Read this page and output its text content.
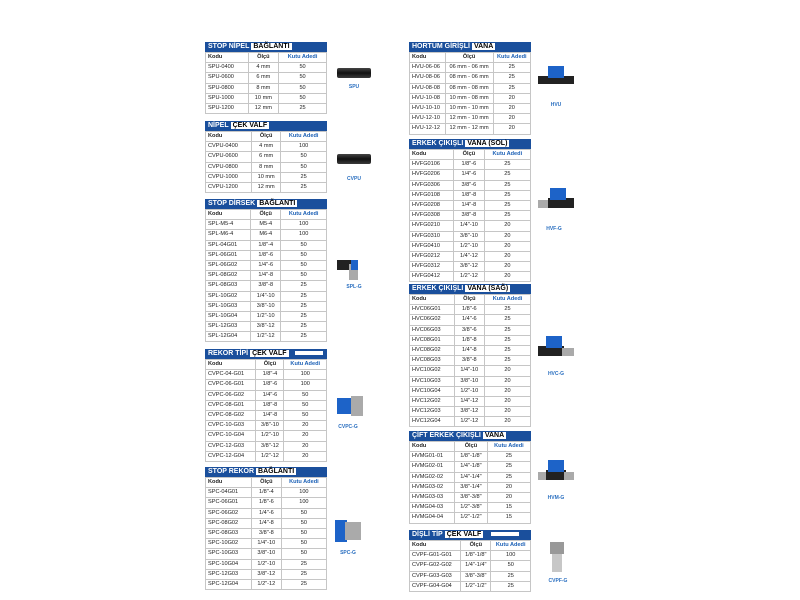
STOP NİPEL BAĞLANTI
Kodu	Ölçü	Kutu Adedi
SPU-0400	4 mm	50
SPU-0600	6 mm	50
SPU-0800	8 mm	50
SPU-1000	10 mm	50
SPU-1200	12 mm	25
SPU
NİPEL ÇEK VALF
Kodu	Ölçü	Kutu Adedi
CVPU-0400	4 mm	100
CVPU-0600	6 mm	50
CVPU-0800	8 mm	50
CVPU-1000	10 mm	25
CVPU-1200	12 mm	25
CVPU
STOP DİRSEK BAĞLANTI
Kodu	Ölçü	Kutu Adedi
SPL-M5-4	M5-4	100
SPL-M6-4	M6-4	100
SPL-04G01	1/8"-4	50
SPL-06G01	1/8"-6	50
SPL-06G02	1/4"-6	50
SPL-08G02	1/4"-8	50
SPL-08G03	3/8"-8	25
SPL-10G02	1/4"-10	25
SPL-10G03	3/8"-10	25
SPL-10G04	1/2"-10	25
SPL-12G03	3/8"-12	25
SPL-12G04	1/2"-12	25
SPL-G
REKOR TİPİ ÇEK VALF
Kodu	Ölçü	Kutu Adedi
CVPC-04-G01	1/8"-4	100
CVPC-06-G01	1/8"-6	100
CVPC-06-G02	1/4"-6	50
CVPC-08-G01	1/8"-8	50
CVPC-08-G02	1/4"-8	50
CVPC-10-G03	3/8"-10	20
CVPC-10-G04	1/2"-10	20
CVPC-12-G03	3/8"-12	20
CVPC-12-G04	1/2"-12	20
CVPC-G
STOP REKOR BAĞLANTI
Kodu	Ölçü	Kutu Adedi
SPC-04G01	1/8"-4	100
SPC-06G01	1/8"-6	100
SPC-06G02	1/4"-6	50
SPC-08G02	1/4"-8	50
SPC-08G03	3/8"-8	50
SPC-10G02	1/4"-10	50
SPC-10G03	3/8"-10	50
SPC-10G04	1/2"-10	25
SPC-12G03	3/8"-12	25
SPC-12G04	1/2"-12	25
SPC-G
HORTUM GİRİŞLİ VANA
Kodu	Ölçü	Kutu Adedi
HVU-06-06	06 mm - 06 mm	25
HVU-08-06	08 mm - 06 mm	25
HVU-08-08	08 mm - 08 mm	25
HVU-10-08	10 mm - 08 mm	20
HVU-10-10	10 mm - 10 mm	20
HVU-12-10	12 mm - 10 mm	20
HVU-12-12	12 mm - 12 mm	20
HVU
ERKEK ÇIKIŞLI VANA (SOL)
Kodu	Ölçü	Kutu Adedi
HVFG0106	1/8"-6	25
HVFG0206	1/4"-6	25
HVFG0306	3/8"-6	25
HVFG0108	1/8"-8	25
HVFG0208	1/4"-8	25
HVFG0308	3/8"-8	25
HVFG0210	1/4"-10	20
HVFG0310	3/8"-10	20
HVFG0410	1/2"-10	20
HVFG0212	1/4"-12	20
HVFG0312	3/8"-12	20
HVFG0412	1/2"-12	20
HVF-G
ERKEK ÇIKIŞLI VANA (SAĞ)
Kodu	Ölçü	Kutu Adedi
HVC06G01	1/8"-6	25
HVC06G02	1/4"-6	25
HVC06G03	3/8"-6	25
HVC08G01	1/8"-8	25
HVC08G02	1/4"-8	25
HVC08G03	3/8"-8	25
HVC10G02	1/4"-10	20
HVC10G03	3/8"-10	20
HVC10G04	1/2"-10	20
HVC12G02	1/4"-12	20
HVC12G03	3/8"-12	20
HVC12G04	1/2"-12	20
HVC-G
ÇİFT ERKEK ÇIKIŞLI VANA
Kodu	Ölçü	Kutu Adedi
HVMG01-01	1/8"-1/8"	25
HVMG02-01	1/4"-1/8"	25
HVMG02-02	1/4"-1/4"	25
HVMG03-02	3/8"-1/4"	20
HVMG03-03	3/8"-3/8"	20
HVMG04-03	1/2"-3/8"	15
HVMG04-04	1/2"-1/2"	15
HVM-G
DİŞLİ TİP ÇEK VALF
Kodu	Ölçü	Kutu Adedi
CVPF-G01-G01	1/8"-1/8"	100
CVPF-G02-G02	1/4"-1/4"	50
CVPF-G03-G03	3/8"-3/8"	25
CVPF-G04-G04	1/2"-1/2"	25
CVPF-G
